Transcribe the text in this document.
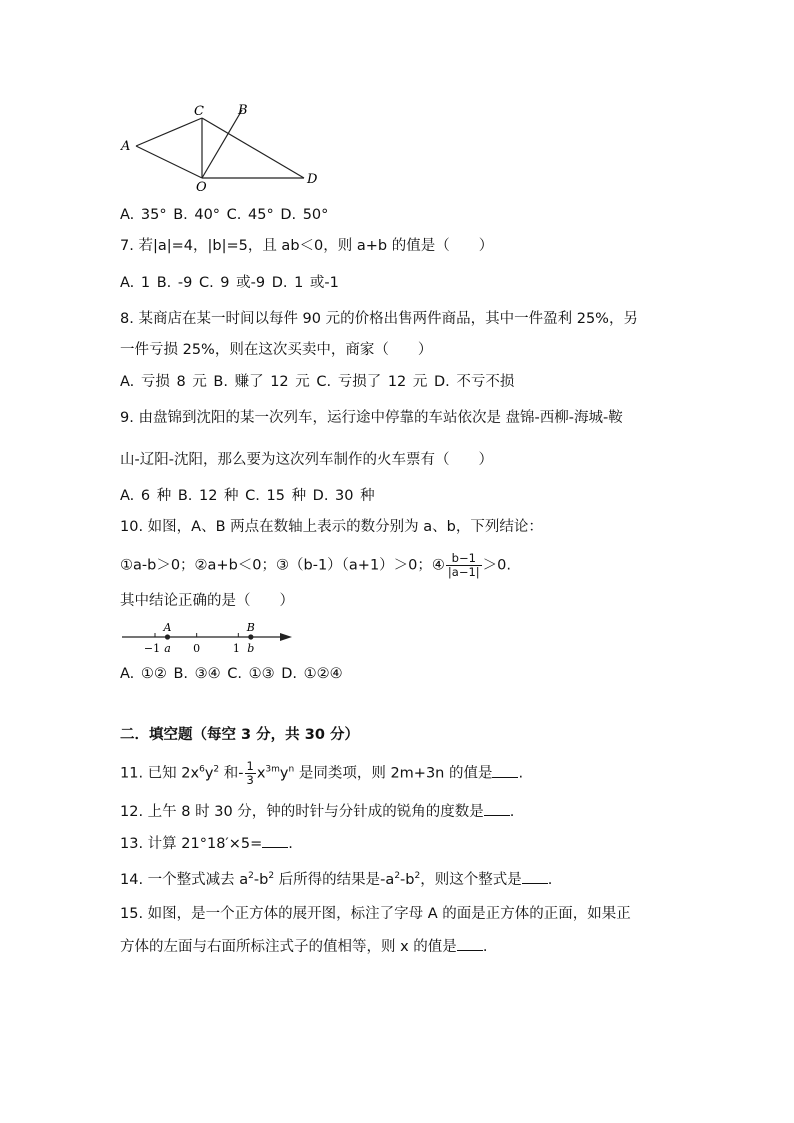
A
C	B
O
D
A. 35° B. 40° C. 45° D. 50°
7. 若|a|=4，|b|=5，且 ab＜0，则 a+b 的值是（　　）
A. 1 B. -9 C. 9 或-9 D. 1 或-1
8. 某商店在某一时间以每件 90 元的价格出售两件商品，其中一件盈利 25%，另
一件亏损 25%，则在这次买卖中，商家（　　）
A. 亏损 8 元 B. 赚了 12 元 C. 亏损了 12 元 D. 不亏不损
9. 由盘锦到沈阳的某一次列车，运行途中停靠的车站依次是 盘锦-西柳-海城-鞍
山-辽阳-沈阳，那么要为这次列车制作的火车票有（　　）
A. 6 种 B. 12 种 C. 15 种 D. 30 种
10. 如图，A、B 两点在数轴上表示的数分别为 a、b，下列结论：
①a-b＞0；②a+b＜0；③（b-1）（a+1）＞0；④ $\frac{b-1}{|a-1|} >0$.
其中结论正确的是（　　）
A	B
−1 a 0	1 b
A. ①② B. ③④ C. ①③ D. ①②④
二．填空题（每空 3 分，共 30 分）
11. 已知 $2x^6y^2$ 和- $\frac{1}{3} x^{3m}y^n$ 是同类项，则 2m+3n 的值是 .
12. 上午 8 时 30 分，钟的时针与分针成的锐角的度数是 .
13. 计算 21°18′×5= .
14. 一个整式减去 $a^2-b^2$ 后所得的结果是$-a^2-b^2$，则这个整式是 .
15. 如图，是一个正方体的展开图，标注了字母 A 的面是正方体的正面，如果正
方体的左面与右面所标注式子的值相等，则 x 的值是 .
